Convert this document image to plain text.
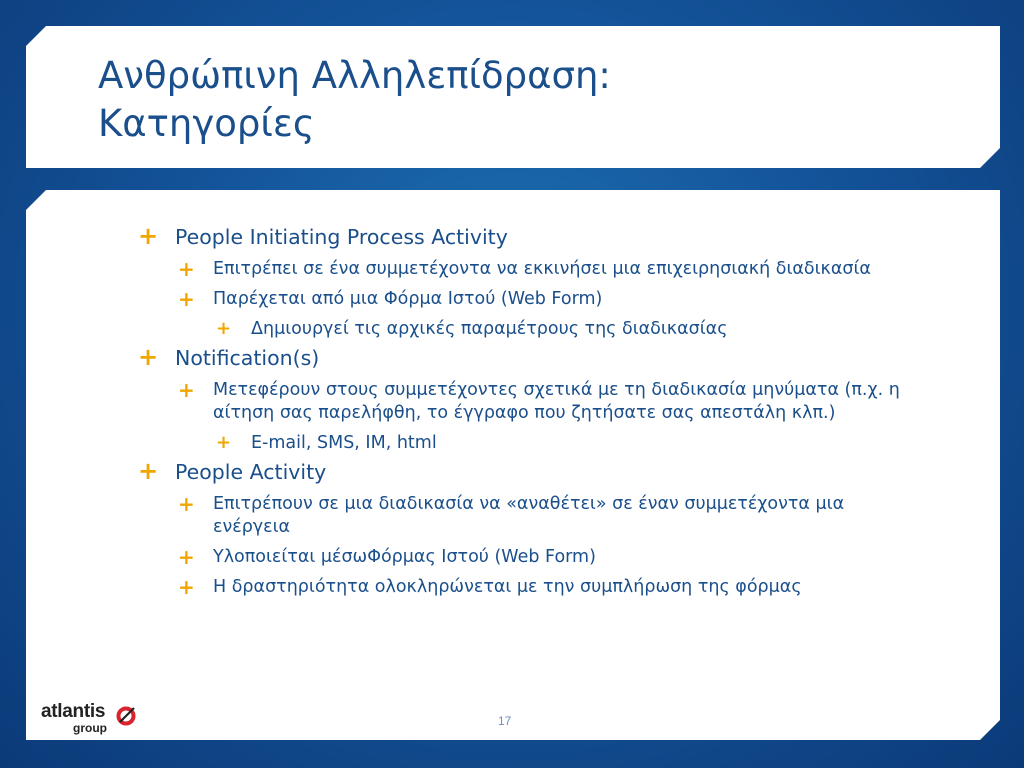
Ανθρώπινη Αλληλεπίδραση:
Κατηγορίες
+ People Initiating Process Activity
+ Επιτρέπει σε ένα συμμετέχοντα να εκκινήσει μια επιχειρησιακή διαδικασία
+ Παρέχεται από μια Φόρμα Ιστού (Web Form)
+ Δημιουργεί τις αρχικές παραμέτρους της διαδικασίας
+ Notification(s)
+ Μετεφέρουν στους συμμετέχοντες σχετικά με τη διαδικασία μηνύματα (π.χ. η αίτηση σας παρελήφθη, το έγγραφο που ζητήσατε σας απεστάλη κλπ.)
+ E-mail, SMS, IM, html
+ People Activity
+ Επιτρέπουν σε μια διαδικασία να «αναθέτει» σε έναν συμμετέχοντα μια ενέργεια
+ Υλοποιείται μέσωΦόρμας Ιστού (Web Form)
+ Η δραστηριότητα ολοκληρώνεται με την συμπλήρωση της φόρμας
atlantis
group	17
